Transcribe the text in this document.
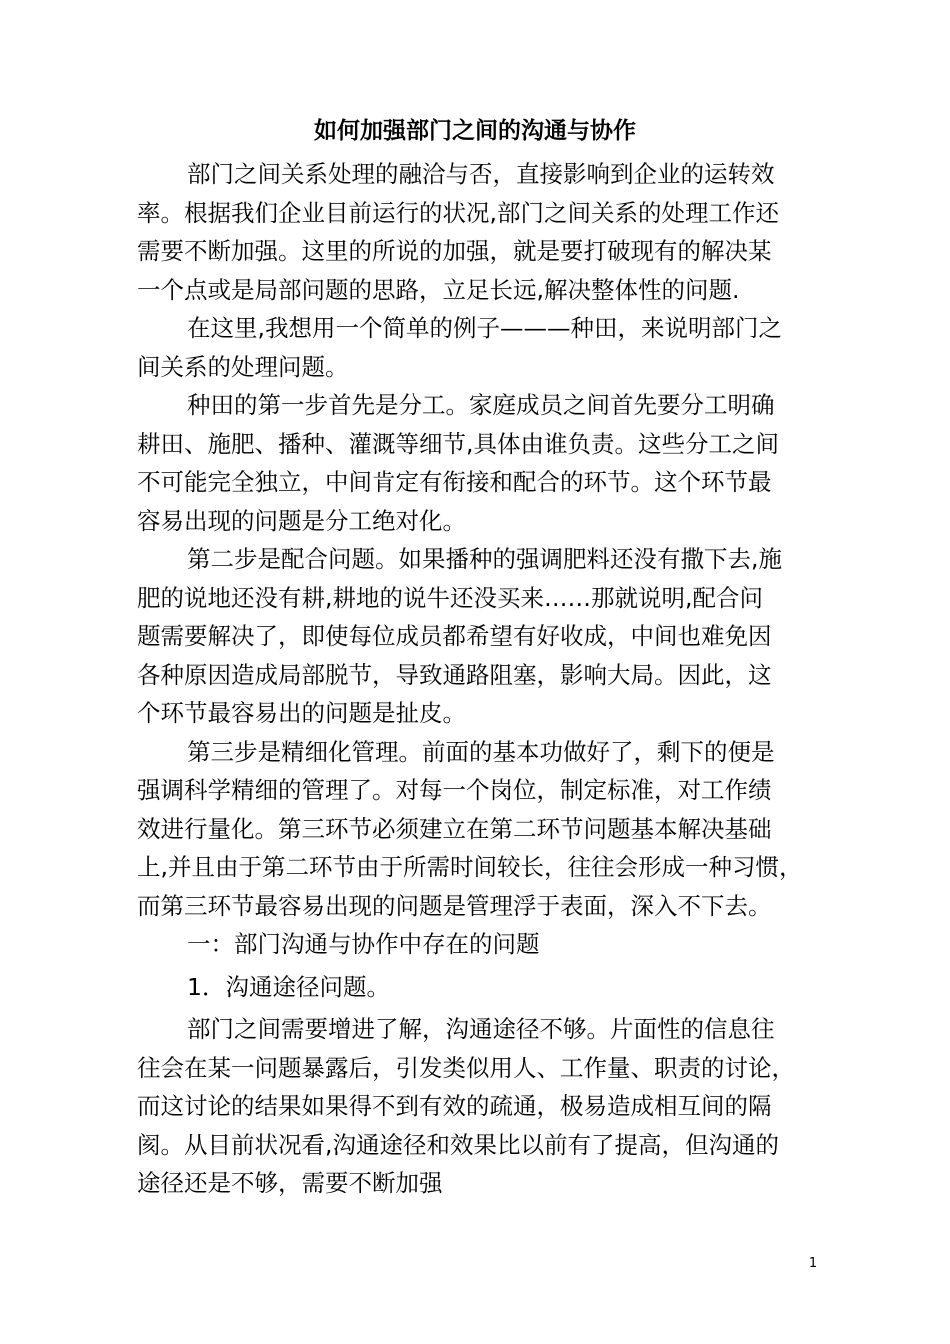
如何加强部门之间的沟通与协作
部门之间关系处理的融洽与否，直接影响到企业的运转效
率。根据我们企业目前运行的状况,部门之间关系的处理工作还
需要不断加强。这里的所说的加强，就是要打破现有的解决某
一个点或是局部问题的思路，立足长远,解决整体性的问题.
在这里,我想用一个简单的例子———种田，来说明部门之
间关系的处理问题。
种田的第一步首先是分工。家庭成员之间首先要分工明确
耕田、施肥、播种、灌溉等细节,具体由谁负责。这些分工之间
不可能完全独立，中间肯定有衔接和配合的环节。这个环节最
容易出现的问题是分工绝对化。
第二步是配合问题。如果播种的强调肥料还没有撒下去,施
肥的说地还没有耕,耕地的说牛还没买来……那就说明,配合问
题需要解决了，即使每位成员都希望有好收成，中间也难免因
各种原因造成局部脱节，导致通路阻塞，影响大局。因此，这
个环节最容易出的问题是扯皮。
第三步是精细化管理。前面的基本功做好了，剩下的便是
强调科学精细的管理了。对每一个岗位，制定标准，对工作绩
效进行量化。第三环节必须建立在第二环节问题基本解决基础
上,并且由于第二环节由于所需时间较长，往往会形成一种习惯，
而第三环节最容易出现的问题是管理浮于表面，深入不下去。
一：部门沟通与协作中存在的问题
1．沟通途径问题。
部门之间需要增进了解，沟通途径不够。片面性的信息往
往会在某一问题暴露后，引发类似用人、工作量、职责的讨论，
而这讨论的结果如果得不到有效的疏通，极易造成相互间的隔
阂。从目前状况看,沟通途径和效果比以前有了提高，但沟通的
途径还是不够，需要不断加强
1
